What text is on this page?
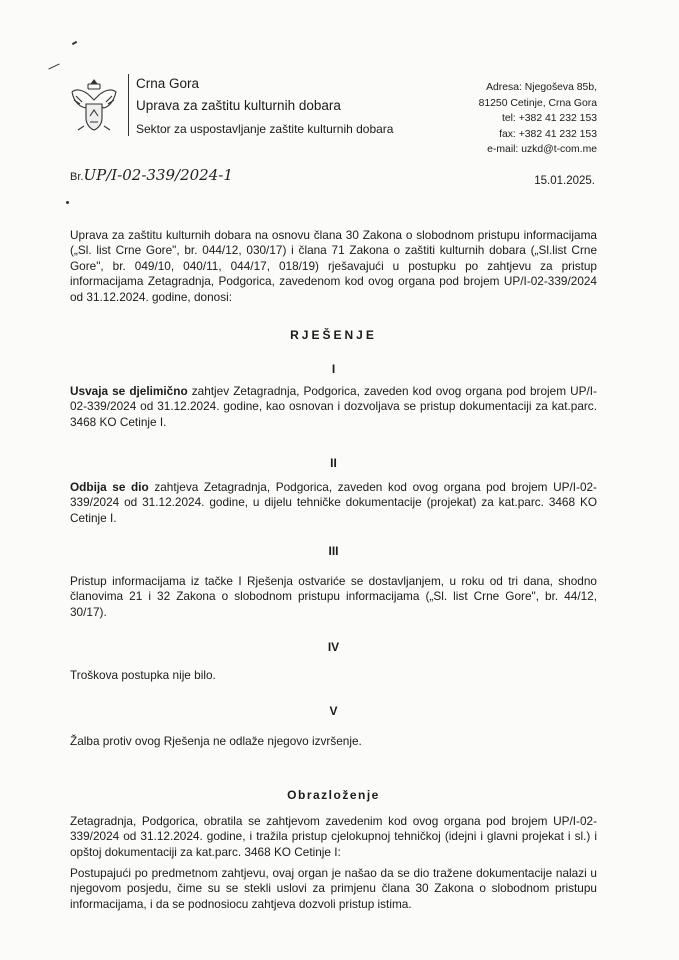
Crna Gora
Uprava za zaštitu kulturnih dobara
Sektor za uspostavljanje zaštite kulturnih dobara
Adresa: Njegoševa 85b,
81250 Cetinje, Crna Gora
tel: +382 41 232 153
fax: +382 41 232 153
e-mail: uzkd@t-com.me
Br.UP/I-02-339/2024-1	15.01.2025.
Uprava za zaštitu kulturnih dobara na osnovu člana 30 Zakona o slobodnom pristupu informacijama („Sl. list Crne Gore", br. 044/12, 030/17) i člana 71 Zakona o zaštiti kulturnih dobara („Sl.list Crne Gore", br. 049/10, 040/11, 044/17, 018/19) rješavajući u postupku po zahtjevu za pristup informacijama Zetagradnja, Podgorica, zavedenom kod ovog organa pod brojem UP/I-02-339/2024 od 31.12.2024. godine, donosi:
RJEŠENJE
I
Usvaja se djelimično zahtjev Zetagradnja, Podgorica, zaveden kod ovog organa pod brojem UP/I-02-339/2024 od 31.12.2024. godine, kao osnovan i dozvoljava se pristup dokumentaciji za kat.parc. 3468 KO Cetinje I.
II
Odbija se dio zahtjeva Zetagradnja, Podgorica, zaveden kod ovog organa pod brojem UP/I-02-339/2024 od 31.12.2024. godine, u dijelu tehničke dokumentacije (projekat) za kat.parc. 3468 KO Cetinje I.
III
Pristup informacijama iz tačke I Rješenja ostvariće se dostavljanjem, u roku od tri dana, shodno članovima 21 i 32 Zakona o slobodnom pristupu informacijama („Sl. list Crne Gore", br. 44/12, 30/17).
IV
Troškova postupka nije bilo.
V
Žalba protiv ovog Rješenja ne odlaže njegovo izvršenje.
Obrazloženje
Zetagradnja, Podgorica, obratila se zahtjevom zavedenim kod ovog organa pod brojem UP/I-02-339/2024 od 31.12.2024. godine, i tražila pristup cjelokupnoj tehničkoj (idejni i glavni projekat i sl.) i opštoj dokumentaciji za kat.parc. 3468 KO Cetinje I:
Postupajući po predmetnom zahtjevu, ovaj organ je našao da se dio tražene dokumentacije nalazi u njegovom posjedu, čime su se stekli uslovi za primjenu člana 30 Zakona o slobodnom pristupu informacijama, i da se podnosiocu zahtjeva dozvoli pristup istima.
